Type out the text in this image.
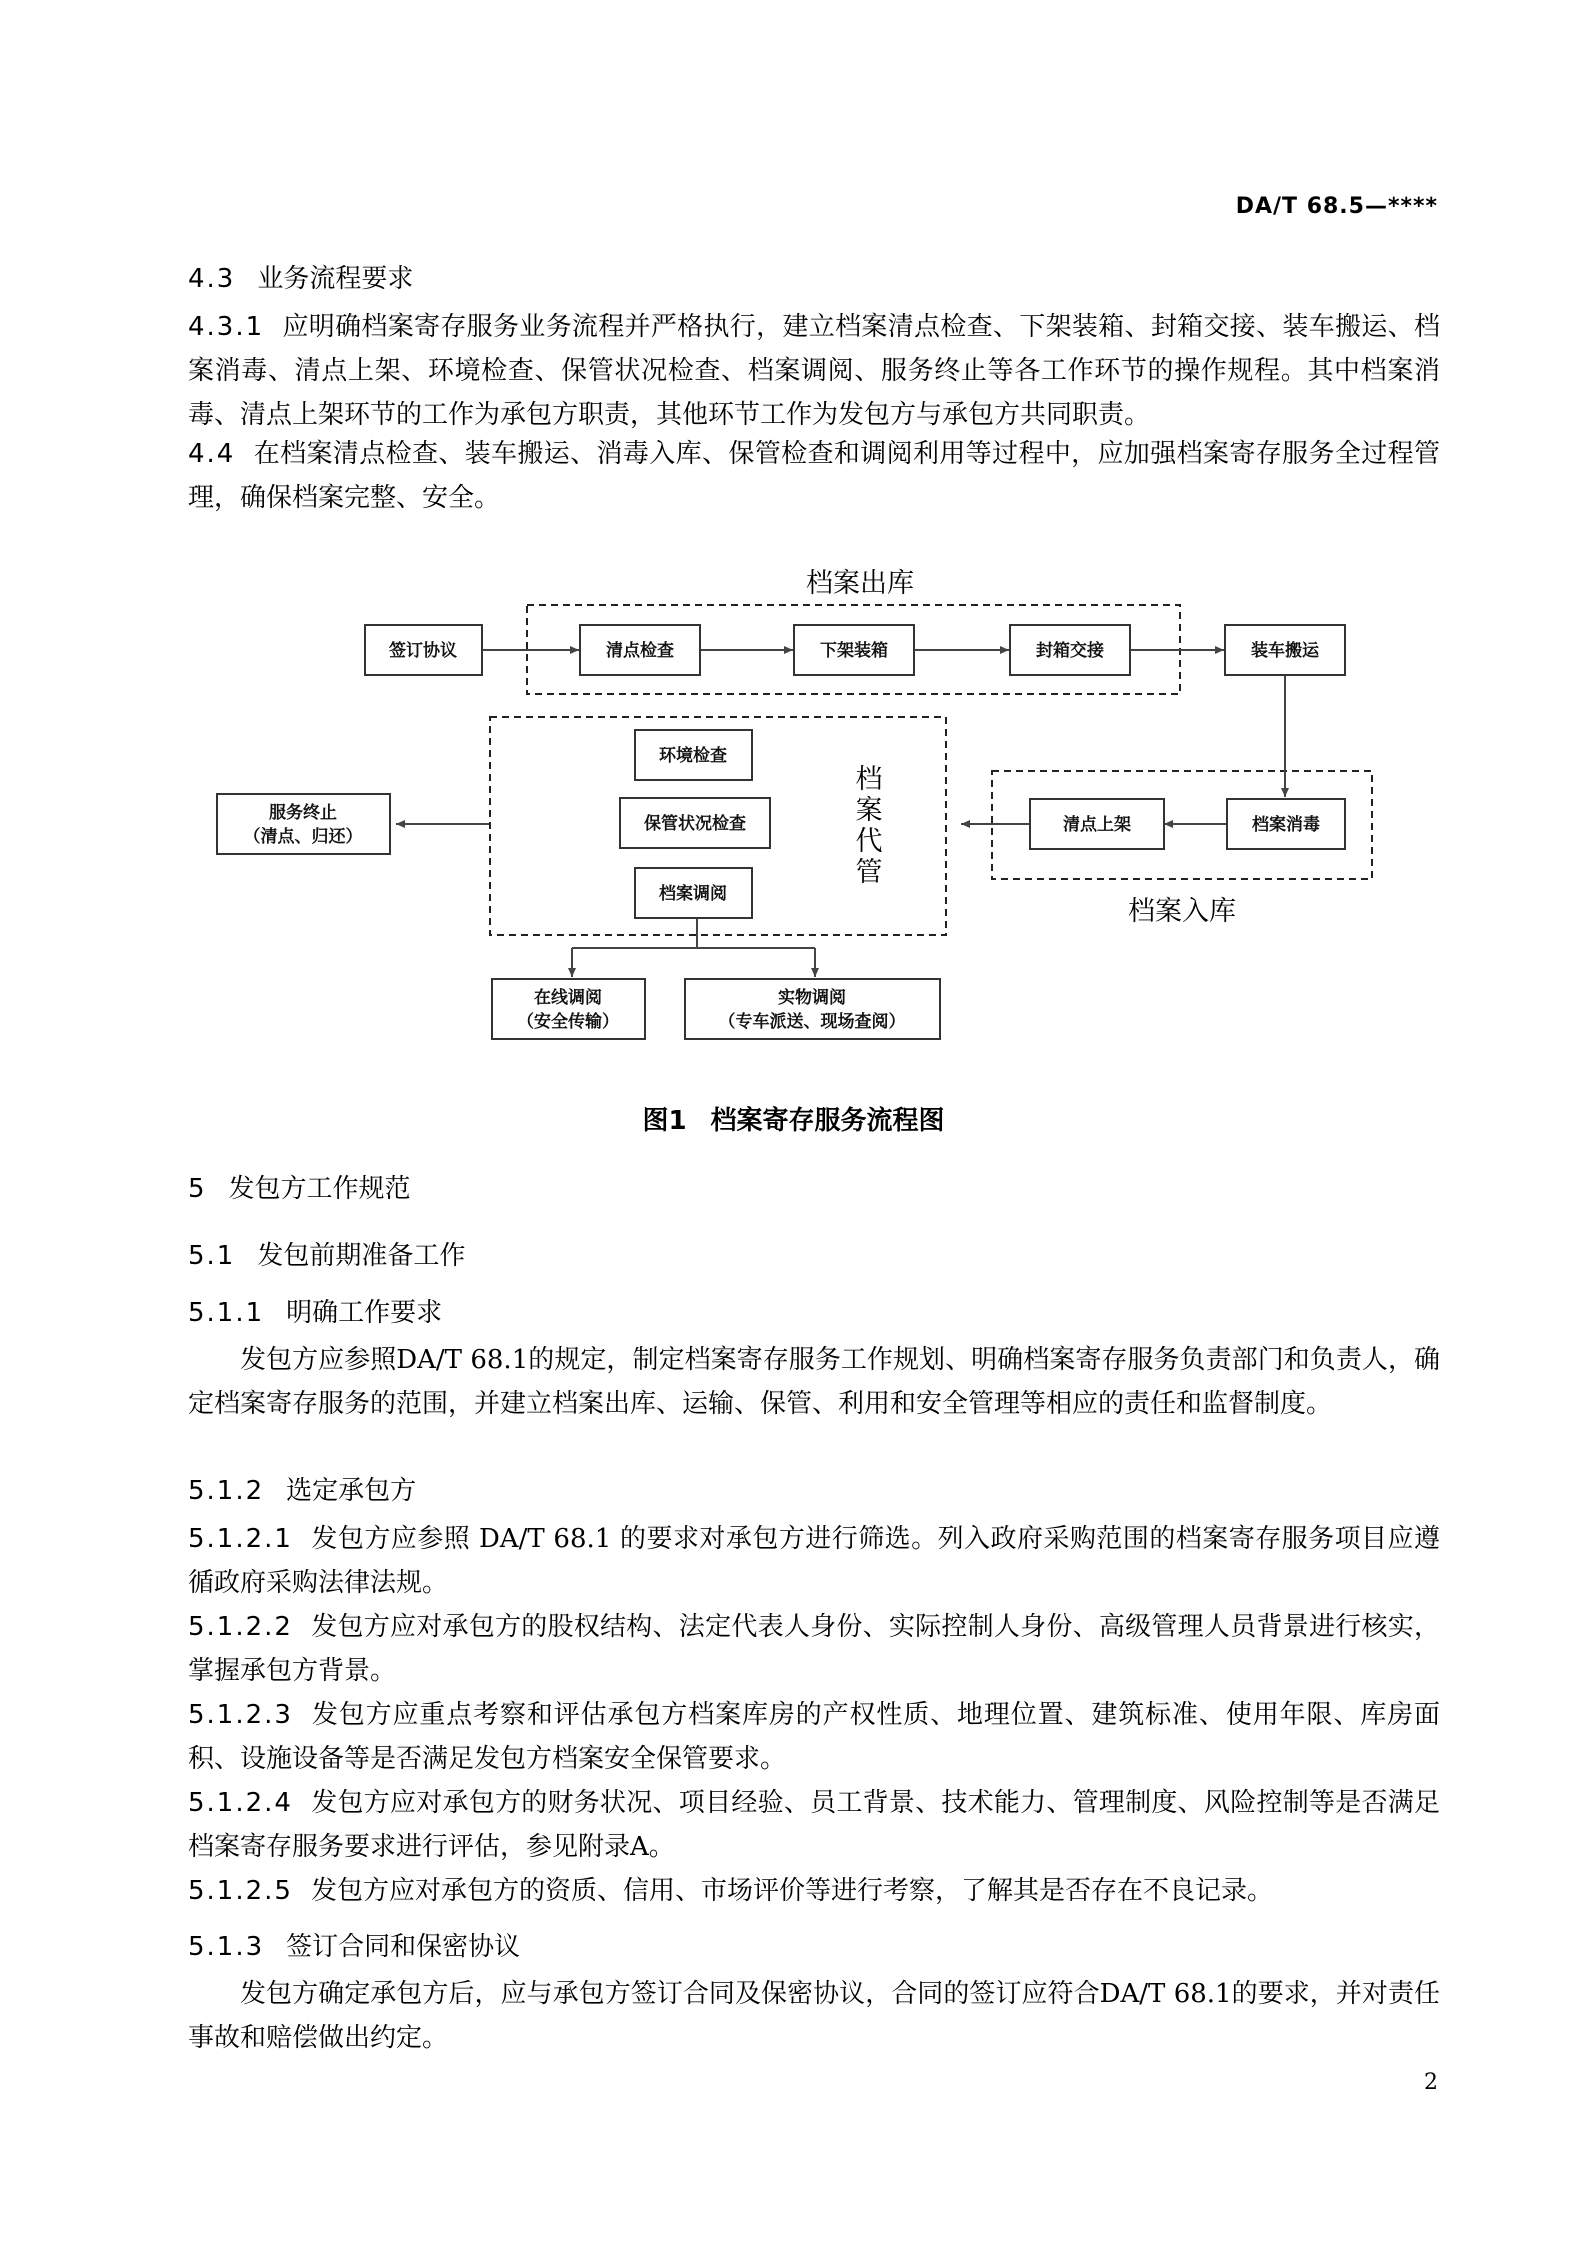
DA/T 68.5—****
4.3 业务流程要求
4.3.1 应明确档案寄存服务业务流程并严格执行，建立档案清点检查、下架装箱、封箱交接、装车搬运、档案消毒、清点上架、环境检查、保管状况检查、档案调阅、服务终止等各工作环节的操作规程。其中档案消毒、清点上架环节的工作为承包方职责，其他环节工作为发包方与承包方共同职责。
4.4 在档案清点检查、装车搬运、消毒入库、保管检查和调阅利用等过程中，应加强档案寄存服务全过程管理，确保档案完整、安全。
档案出库
档案入库
档
案
代
管
签订协议	清点检查	下架装箱	封箱交接	装车搬运
档案消毒
清点上架
环境检查
保管状况检查
档案调阅
服务终止
（清点、归还）
在线调阅
（安全传输）
实物调阅
（专车派送、现场查阅）
图1 档案寄存服务流程图
5 发包方工作规范
5.1 发包前期准备工作
5.1.1 明确工作要求
发包方应参照DA/T 68.1的规定，制定档案寄存服务工作规划、明确档案寄存服务负责部门和负责人，确定档案寄存服务的范围，并建立档案出库、运输、保管、利用和安全管理等相应的责任和监督制度。
5.1.2 选定承包方
5.1.2.1 发包方应参照 DA/T 68.1 的要求对承包方进行筛选。列入政府采购范围的档案寄存服务项目应遵循政府采购法律法规。
5.1.2.2 发包方应对承包方的股权结构、法定代表人身份、实际控制人身份、高级管理人员背景进行核实，掌握承包方背景。
5.1.2.3 发包方应重点考察和评估承包方档案库房的产权性质、地理位置、建筑标准、使用年限、库房面积、设施设备等是否满足发包方档案安全保管要求。
5.1.2.4 发包方应对承包方的财务状况、项目经验、员工背景、技术能力、管理制度、风险控制等是否满足档案寄存服务要求进行评估，参见附录A。
5.1.2.5 发包方应对承包方的资质、信用、市场评价等进行考察，了解其是否存在不良记录。
5.1.3 签订合同和保密协议
发包方确定承包方后，应与承包方签订合同及保密协议，合同的签订应符合DA/T 68.1的要求，并对责任事故和赔偿做出约定。
2
